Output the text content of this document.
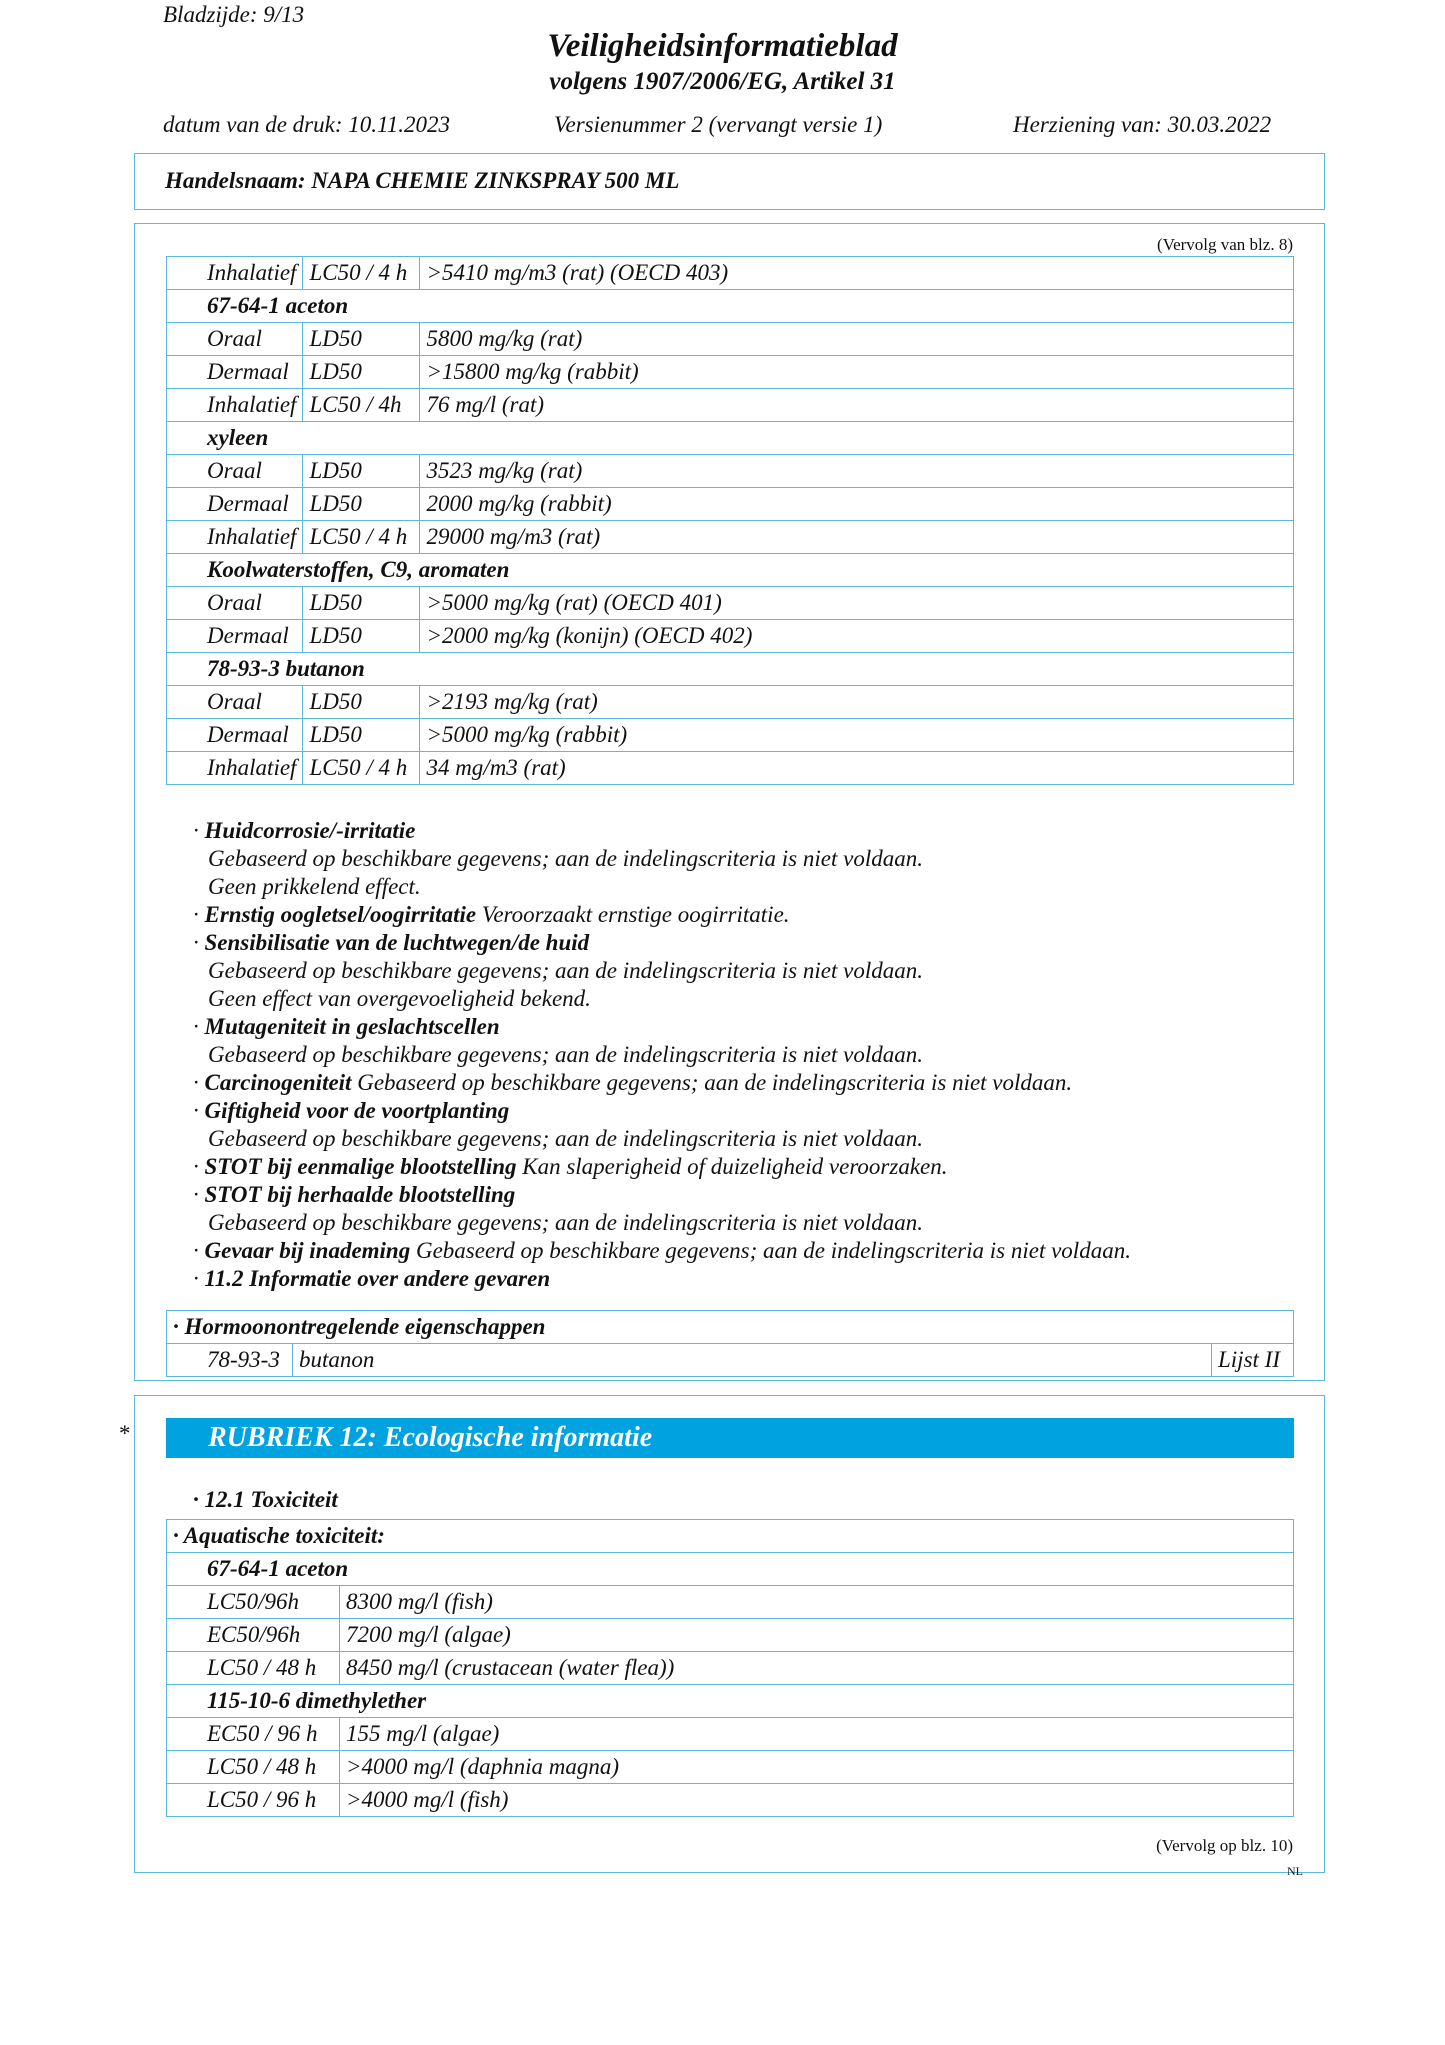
Bladzijde: 9/13
Veiligheidsinformatieblad
volgens 1907/2006/EG, Artikel 31
datum van de druk: 10.11.2023	Versienummer 2 (vervangt versie 1)	Herziening van: 30.03.2022
Handelsnaam: NAPA CHEMIE ZINKSPRAY 500 ML
(Vervolg van blz. 8)
Inhalatief	LC50 / 4 h	>5410 mg/m3 (rat) (OECD 403)
67-64-1 aceton		
Oraal	LD50	5800 mg/kg (rat)
Dermaal	LD50	>15800 mg/kg (rabbit)
Inhalatief	LC50 / 4h	76 mg/l (rat)
xyleen		
Oraal	LD50	3523 mg/kg (rat)
Dermaal	LD50	2000 mg/kg (rabbit)
Inhalatief	LC50 / 4 h	29000 mg/m3 (rat)
Koolwaterstoffen, C9, aromaten		
Oraal	LD50	>5000 mg/kg (rat) (OECD 401)
Dermaal	LD50	>2000 mg/kg (konijn) (OECD 402)
78-93-3 butanon		
Oraal	LD50	>2193 mg/kg (rat)
Dermaal	LD50	>5000 mg/kg (rabbit)
Inhalatief	LC50 / 4 h	34 mg/m3 (rat)
· Huidcorrosie/-irritatie
Gebaseerd op beschikbare gegevens; aan de indelingscriteria is niet voldaan.
Geen prikkelend effect.
· Ernstig oogletsel/oogirritatie Veroorzaakt ernstige oogirritatie.
· Sensibilisatie van de luchtwegen/de huid
Gebaseerd op beschikbare gegevens; aan de indelingscriteria is niet voldaan.
Geen effect van overgevoeligheid bekend.
· Mutageniteit in geslachtscellen
Gebaseerd op beschikbare gegevens; aan de indelingscriteria is niet voldaan.
· Carcinogeniteit Gebaseerd op beschikbare gegevens; aan de indelingscriteria is niet voldaan.
· Giftigheid voor de voortplanting
Gebaseerd op beschikbare gegevens; aan de indelingscriteria is niet voldaan.
· STOT bij eenmalige blootstelling Kan slaperigheid of duizeligheid veroorzaken.
· STOT bij herhaalde blootstelling
Gebaseerd op beschikbare gegevens; aan de indelingscriteria is niet voldaan.
· Gevaar bij inademing Gebaseerd op beschikbare gegevens; aan de indelingscriteria is niet voldaan.
· 11.2 Informatie over andere gevaren
· Hormoonontregelende eigenschappen
78-93-3	butanon	Lijst II
*	RUBRIEK 12: Ecologische informatie
· 12.1 Toxiciteit
· Aquatische toxiciteit:	
67-64-1 aceton	
LC50/96h	8300 mg/l (fish)
EC50/96h	7200 mg/l (algae)
LC50 / 48 h	8450 mg/l (crustacean (water flea))
115-10-6 dimethylether	
EC50 / 96 h	155 mg/l (algae)
LC50 / 48 h	>4000 mg/l (daphnia magna)
LC50 / 96 h	>4000 mg/l (fish)
(Vervolg op blz. 10)
NL
